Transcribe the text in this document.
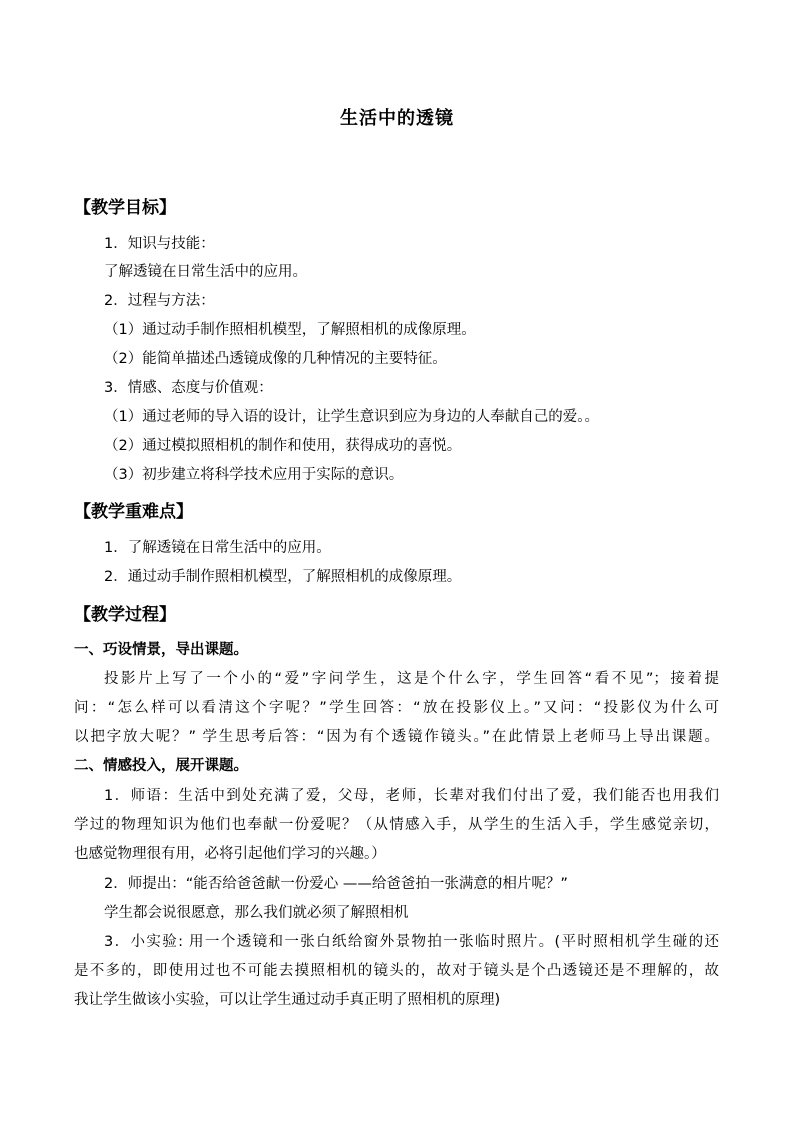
生活中的透镜
【教学目标】
1．知识与技能：
了解透镜在日常生活中的应用。
2．过程与方法：
（1）通过动手制作照相机模型，了解照相机的成像原理。
（2）能简单描述凸透镜成像的几种情况的主要特征。
3．情感、态度与价值观：
（1）通过老师的导入语的设计，让学生意识到应为身边的人奉献自己的爱。。
（2）通过模拟照相机的制作和使用，获得成功的喜悦。
（3）初步建立将科学技术应用于实际的意识。
【教学重难点】
1．了解透镜在日常生活中的应用。
2．通过动手制作照相机模型，了解照相机的成像原理。
【教学过程】
一、巧设情景，导出课题。
投影片上写了一个小的“爱”字问学生，这是个什么字，学生回答“看不见”；接着提
问：“怎么样可以看清这个字呢？”学生回答：“放在投影仪上。”又问：“投影仪为什么可
以把字放大呢？” 学生思考后答：“因为有个透镜作镜头。”在此情景上老师马上导出课题。
二、情感投入，展开课题。
1．师语：生活中到处充满了爱，父母，老师，长辈对我们付出了爱，我们能否也用我们
学过的物理知识为他们也奉献一份爱呢？（从情感入手，从学生的生活入手，学生感觉亲切，
也感觉物理很有用，必将引起他们学习的兴趣。）
2．师提出：“能否给爸爸献一份爱心 ——给爸爸拍一张满意的相片呢？”
学生都会说很愿意，那么我们就必须了解照相机
3．小实验: 用一个透镜和一张白纸给窗外景物拍一张临时照片。(平时照相机学生碰的还
是不多的，即使用过也不可能去摸照相机的镜头的，故对于镜头是个凸透镜还是不理解的，故
我让学生做该小实验，可以让学生通过动手真正明了照相机的原理)
